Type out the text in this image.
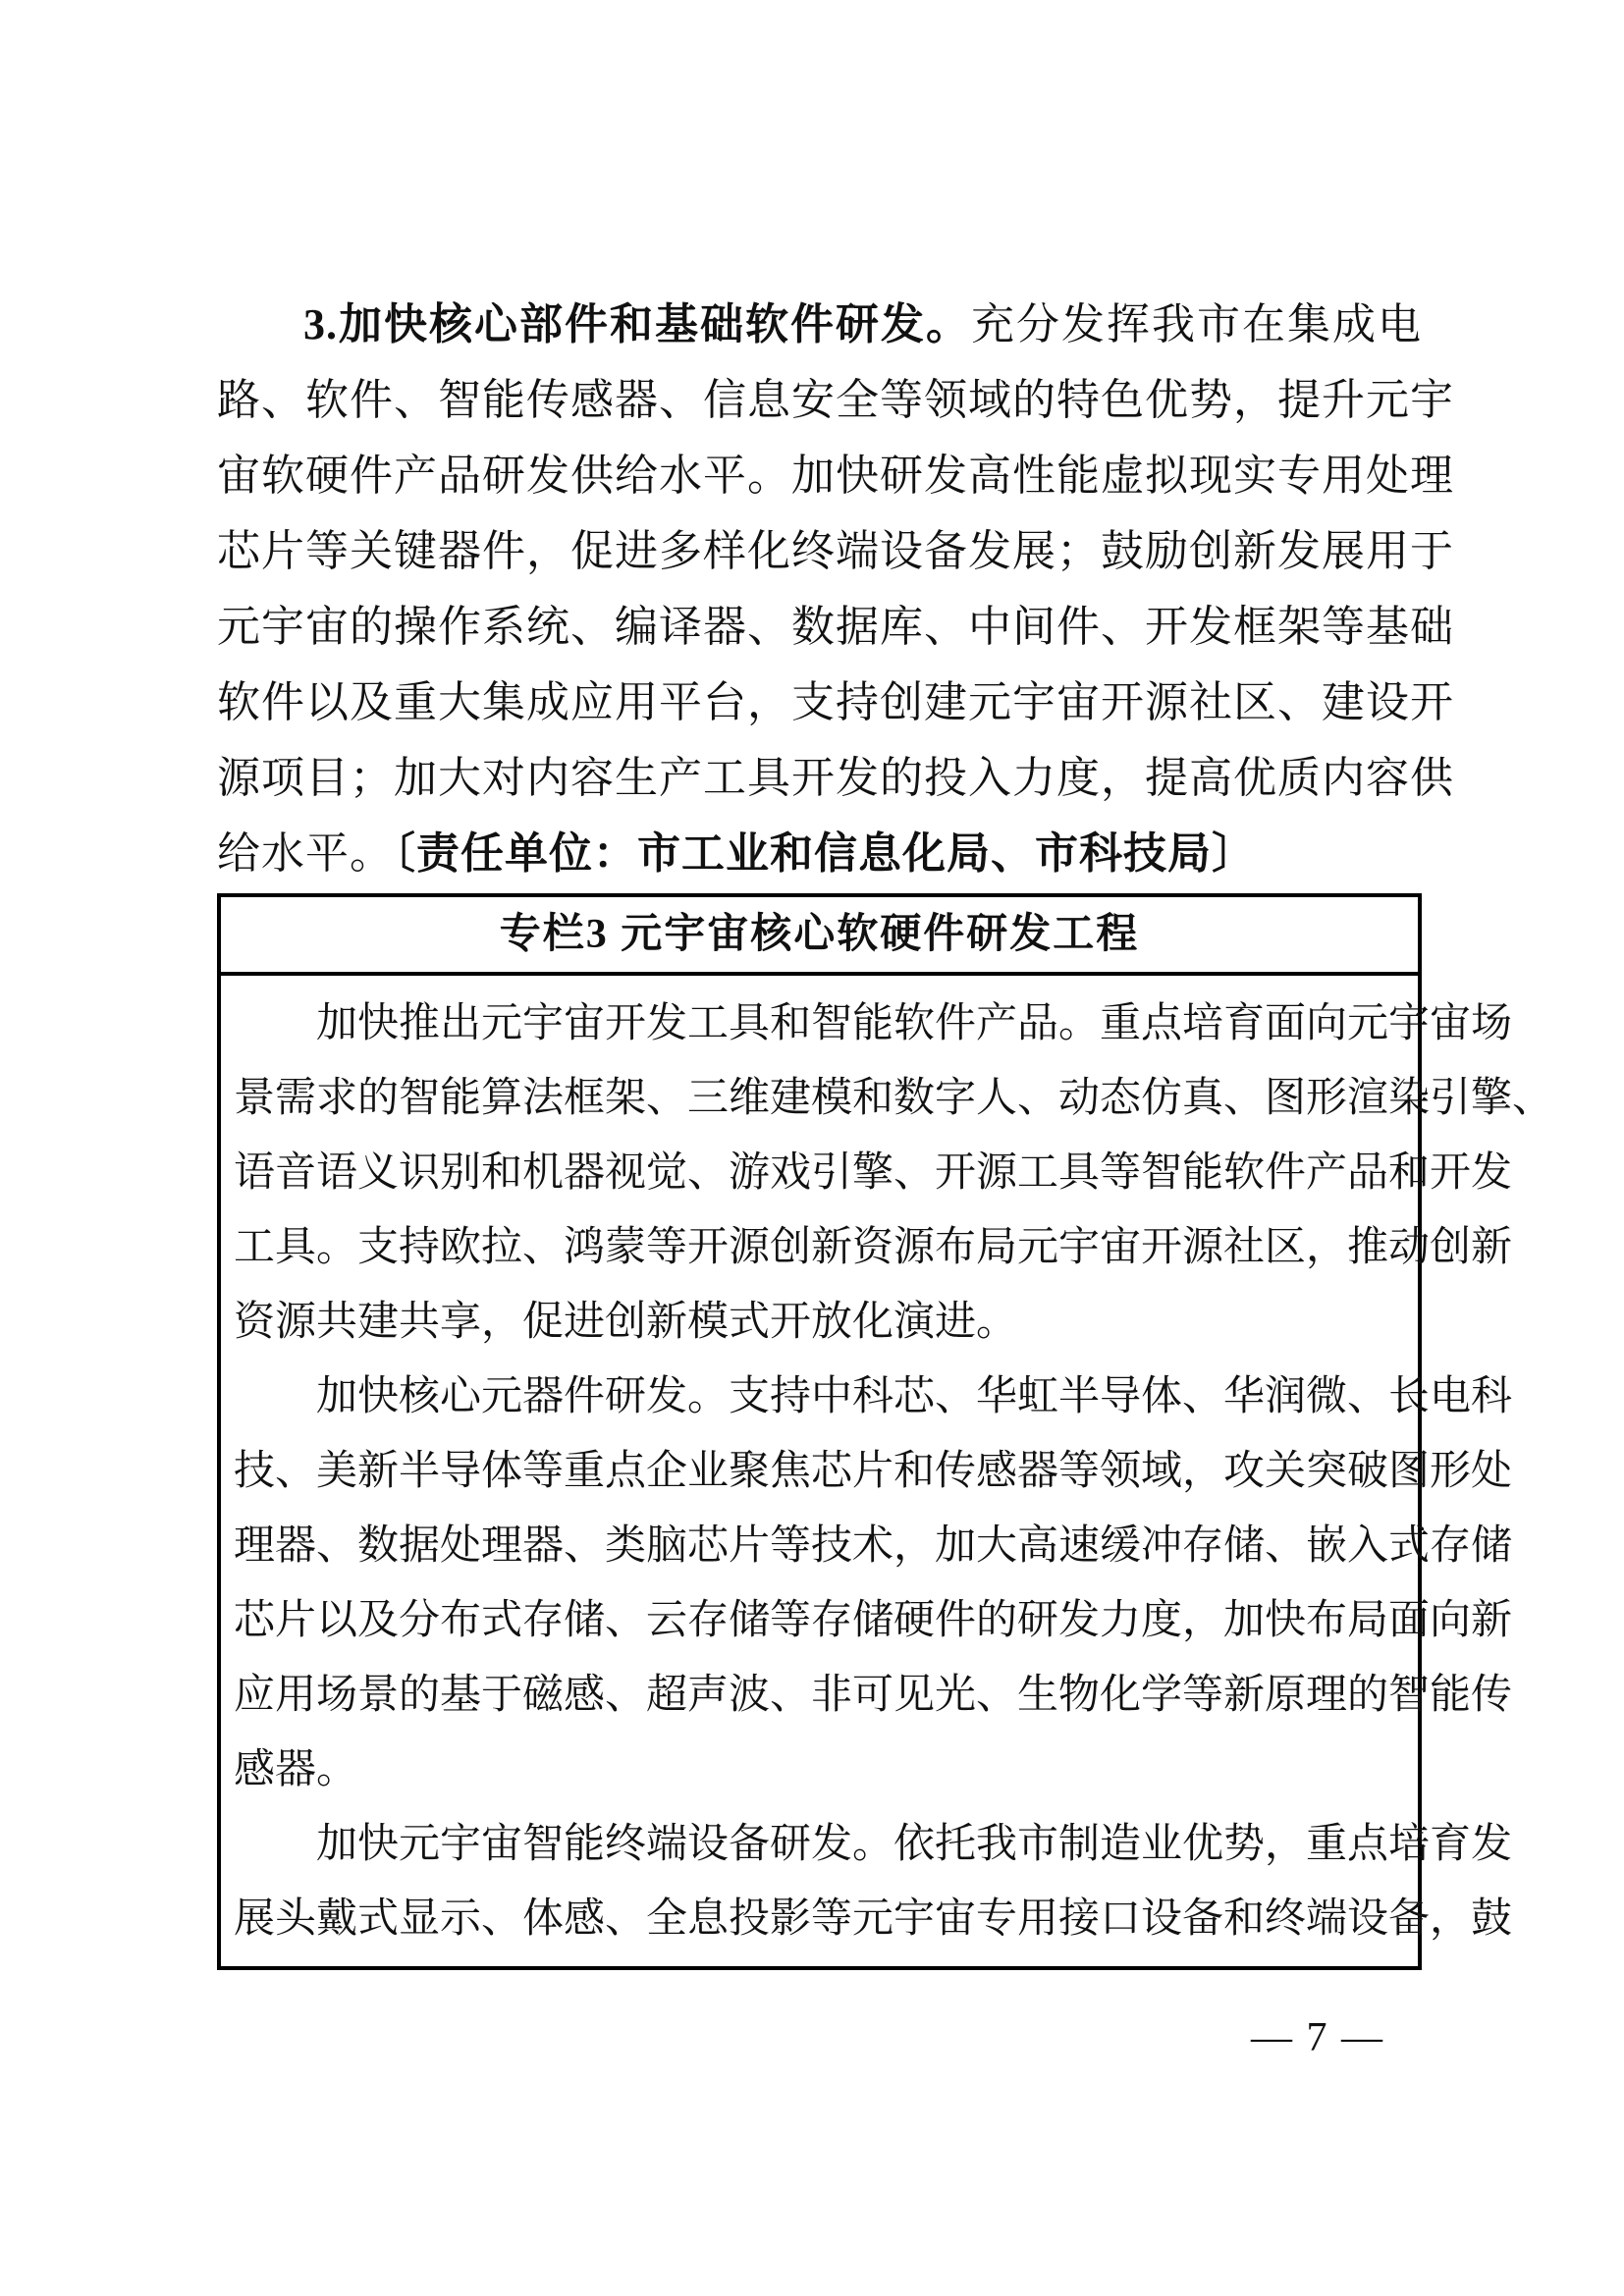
3.加快核心部件和基础软件研发。充分发挥我市在集成电
路、软件、智能传感器、信息安全等领域的特色优势，提升元宇
宙软硬件产品研发供给水平。加快研发高性能虚拟现实专用处理
芯片等关键器件，促进多样化终端设备发展；鼓励创新发展用于
元宇宙的操作系统、编译器、数据库、中间件、开发框架等基础
软件以及重大集成应用平台，支持创建元宇宙开源社区、建设开
源项目；加大对内容生产工具开发的投入力度，提高优质内容供
给水平。〔责任单位：市工业和信息化局、市科技局〕
专栏3 元宇宙核心软硬件研发工程
加快推出元宇宙开发工具和智能软件产品。重点培育面向元宇宙场
景需求的智能算法框架、三维建模和数字人、动态仿真、图形渲染引擎、
语音语义识别和机器视觉、游戏引擎、开源工具等智能软件产品和开发
工具。支持欧拉、鸿蒙等开源创新资源布局元宇宙开源社区，推动创新
资源共建共享，促进创新模式开放化演进。
加快核心元器件研发。支持中科芯、华虹半导体、华润微、长电科
技、美新半导体等重点企业聚焦芯片和传感器等领域，攻关突破图形处
理器、数据处理器、类脑芯片等技术，加大高速缓冲存储、嵌入式存储
芯片以及分布式存储、云存储等存储硬件的研发力度，加快布局面向新
应用场景的基于磁感、超声波、非可见光、生物化学等新原理的智能传
感器。
加快元宇宙智能终端设备研发。依托我市制造业优势，重点培育发
展头戴式显示、体感、全息投影等元宇宙专用接口设备和终端设备，鼓
— 7 —
